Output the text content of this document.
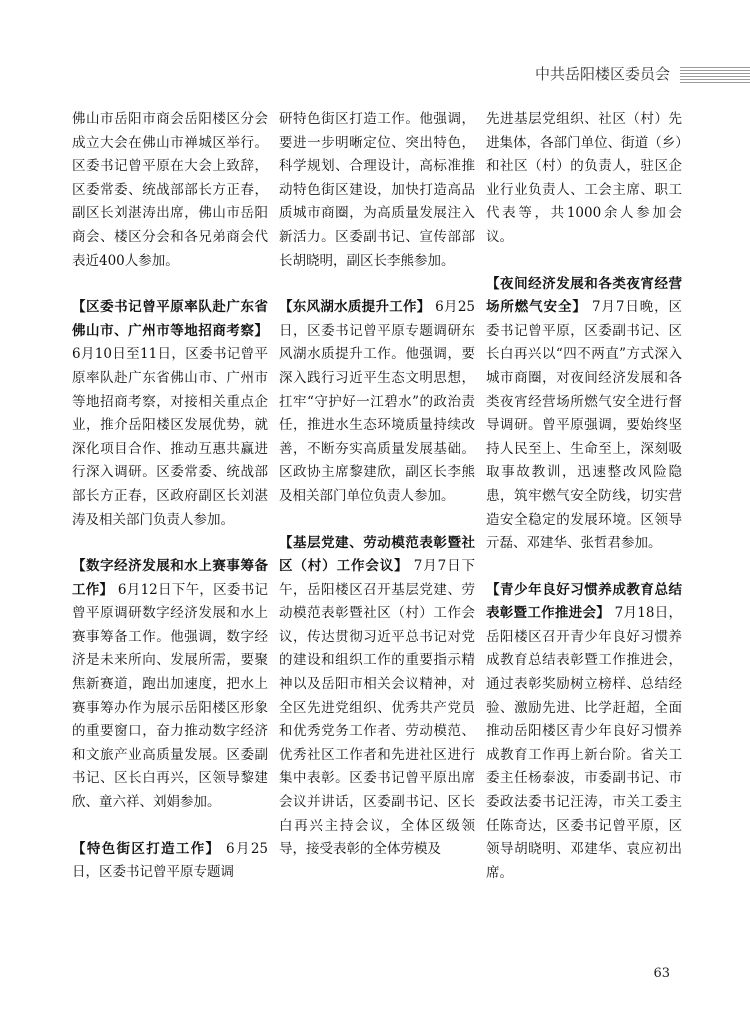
中共岳阳楼区委员会

佛山市岳阳市商会岳阳楼区分会成立大会在佛山市禅城区举行。区委书记曾平原在大会上致辞，区委常委、统战部部长方正春，副区长刘湛涛出席，佛山市岳阳商会、楼区分会和各兄弟商会代表近400人参加。

【区委书记曾平原率队赴广东省佛山市、广州市等地招商考察】 6月10日至11日，区委书记曾平原率队赴广东省佛山市、广州市等地招商考察，对接相关重点企业，推介岳阳楼区发展优势，就深化项目合作、推动互惠共赢进行深入调研。区委常委、统战部部长方正春，区政府副区长刘湛涛及相关部门负责人参加。

【数字经济发展和水上赛事筹备工作】 6月12日下午，区委书记曾平原调研数字经济发展和水上赛事筹备工作。他强调，数字经济是未来所向、发展所需，要聚焦新赛道，跑出加速度，把水上赛事筹办作为展示岳阳楼区形象的重要窗口，奋力推动数字经济和文旅产业高质量发展。区委副书记、区长白再兴，区领导黎建欣、童六祥、刘娟参加。

【特色街区打造工作】 6月25日，区委书记曾平原专题调

研特色街区打造工作。他强调，要进一步明晰定位、突出特色，科学规划、合理设计，高标准推动特色街区建设，加快打造高品质城市商圈，为高质量发展注入新活力。区委副书记、宣传部部长胡晓明，副区长李熊参加。

【东风湖水质提升工作】 6月25日，区委书记曾平原专题调研东风湖水质提升工作。他强调，要深入践行习近平生态文明思想，扛牢“守护好一江碧水”的政治责任，推进水生态环境质量持续改善，不断夯实高质量发展基础。区政协主席黎建欣，副区长李熊及相关部门单位负责人参加。

【基层党建、劳动模范表彰暨社区（村）工作会议】 7月7日下午，岳阳楼区召开基层党建、劳动模范表彰暨社区（村）工作会议，传达贯彻习近平总书记对党的建设和组织工作的重要指示精神以及岳阳市相关会议精神，对全区先进党组织、优秀共产党员和优秀党务工作者、劳动模范、优秀社区工作者和先进社区进行集中表彰。区委书记曾平原出席会议并讲话，区委副书记、区长白再兴主持会议，全体区级领导，接受表彰的全体劳模及

先进基层党组织、社区（村）先进集体，各部门单位、街道（乡）和社区（村）的负责人，驻区企业行业负责人、工会主席、职工代表等，共1000余人参加会议。

【夜间经济发展和各类夜宵经营场所燃气安全】 7月7日晚，区委书记曾平原，区委副书记、区长白再兴以“四不两直”方式深入城市商圈，对夜间经济发展和各类夜宵经营场所燃气安全进行督导调研。曾平原强调，要始终坚持人民至上、生命至上，深刻吸取事故教训，迅速整改风险隐患，筑牢燃气安全防线，切实营造安全稳定的发展环境。区领导亓磊、邓建华、张哲君参加。

【青少年良好习惯养成教育总结表彰暨工作推进会】 7月18日，岳阳楼区召开青少年良好习惯养成教育总结表彰暨工作推进会，通过表彰奖励树立榜样、总结经验、激励先进、比学赶超，全面推动岳阳楼区青少年良好习惯养成教育工作再上新台阶。省关工委主任杨泰波，市委副书记、市委政法委书记汪涛，市关工委主任陈奇达，区委书记曾平原，区领导胡晓明、邓建华、袁应初出席。

63
